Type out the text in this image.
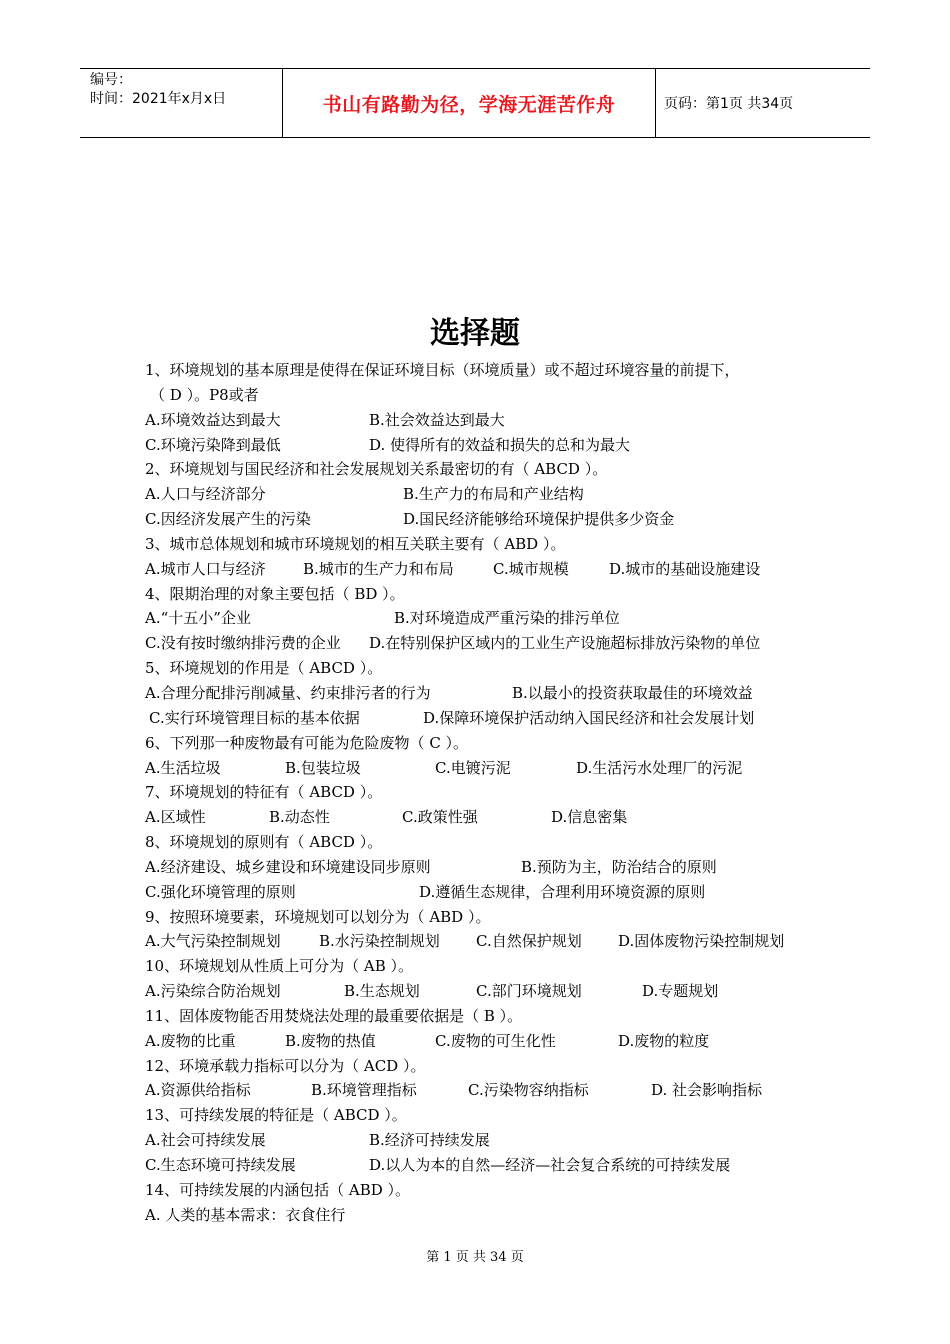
编号：
时间：2021年x月x日	书山有路勤为径，学海无涯苦作舟	页码：第1页 共34页
选择题
1、环境规划的基本原理是使得在保证环境目标（环境质量）或不超过环境容量的前提下，
（ D ）。P8或者
A.环境效益达到最大	B.社会效益达到最大
C.环境污染降到最低	D. 使得所有的效益和损失的总和为最大
2、环境规划与国民经济和社会发展规划关系最密切的有（ ABCD ）。
A.人口与经济部分	B.生产力的布局和产业结构
C.因经济发展产生的污染	D.国民经济能够给环境保护提供多少资金
3、城市总体规划和城市环境规划的相互关联主要有（ ABD ）。
A.城市人口与经济 B.城市的生产力和布局	C.城市规模	D.城市的基础设施建设
4、限期治理的对象主要包括（ BD ）。
A.“十五小”企业	B.对环境造成严重污染的排污单位
C.没有按时缴纳排污费的企业 D.在特别保护区域内的工业生产设施超标排放污染物的单位
5、环境规划的作用是（ ABCD ）。
A.合理分配排污削减量、约束排污者的行为	B.以最小的投资获取最佳的环境效益
C.实行环境管理目标的基本依据	D.保障环境保护活动纳入国民经济和社会发展计划
6、下列那一种废物最有可能为危险废物（ C ）。
A.生活垃圾	B.包装垃圾	C.电镀污泥	D.生活污水处理厂的污泥
7、环境规划的特征有（ ABCD ）。
A.区域性	B.动态性	C.政策性强	D.信息密集
8、环境规划的原则有（ ABCD ）。
A.经济建设、城乡建设和环境建设同步原则	B.预防为主，防治结合的原则
C.强化环境管理的原则	D.遵循生态规律，合理利用环境资源的原则
9、按照环境要素，环境规划可以划分为（ ABD ）。
A.大气污染控制规划	B.水污染控制规划 C.自然保护规划 D.固体废物污染控制规划
10、环境规划从性质上可分为（ AB ）。
A.污染综合防治规划	B.生态规划	C.部门环境规划	D.专题规划
11、固体废物能否用焚烧法处理的最重要依据是（ B ）。
A.废物的比重	B.废物的热值	C.废物的可生化性	D.废物的粒度
12、环境承载力指标可以分为（ ACD ）。
A.资源供给指标	B.环境管理指标	C.污染物容纳指标	D. 社会影响指标
13、可持续发展的特征是（ ABCD ）。
A.社会可持续发展	B.经济可持续发展
C.生态环境可持续发展	D.以人为本的自然—经济—社会复合系统的可持续发展
14、可持续发展的内涵包括（ ABD ）。
A. 人类的基本需求：衣食住行
第 1 页 共 34 页
